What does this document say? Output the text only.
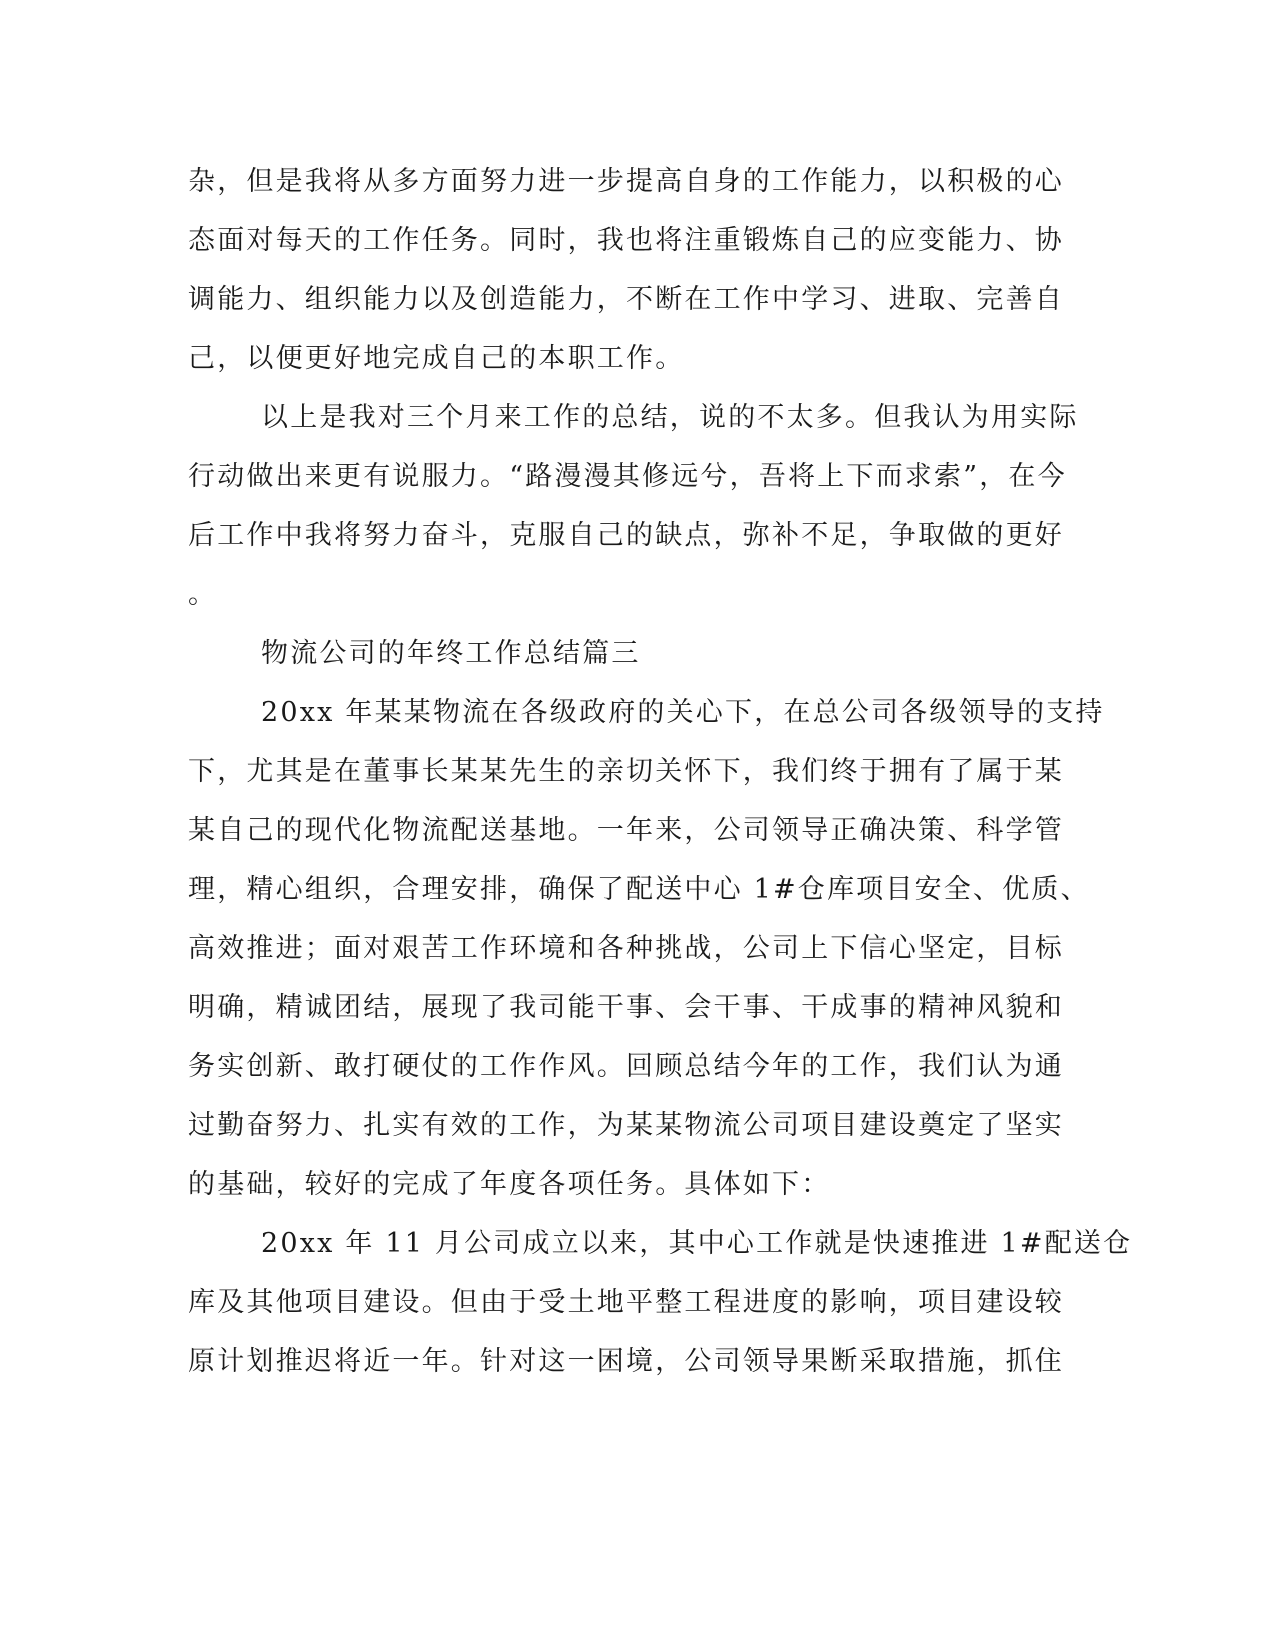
杂，但是我将从多方面努力进一步提高自身的工作能力，以积极的心
态面对每天的工作任务。同时，我也将注重锻炼自己的应变能力、协
调能力、组织能力以及创造能力，不断在工作中学习、进取、完善自
己，以便更好地完成自己的本职工作。
以上是我对三个月来工作的总结，说的不太多。但我认为用实际
行动做出来更有说服力。“路漫漫其修远兮，吾将上下而求索”，在今
后工作中我将努力奋斗，克服自己的缺点，弥补不足，争取做的更好
。
物流公司的年终工作总结篇三
20xx 年某某物流在各级政府的关心下，在总公司各级领导的支持
下，尤其是在董事长某某先生的亲切关怀下，我们终于拥有了属于某
某自己的现代化物流配送基地。一年来，公司领导正确决策、科学管
理，精心组织，合理安排，确保了配送中心 1#仓库项目安全、优质、
高效推进；面对艰苦工作环境和各种挑战，公司上下信心坚定，目标
明确，精诚团结，展现了我司能干事、会干事、干成事的精神风貌和
务实创新、敢打硬仗的工作作风。回顾总结今年的工作，我们认为通
过勤奋努力、扎实有效的工作，为某某物流公司项目建设奠定了坚实
的基础，较好的完成了年度各项任务。具体如下：
20xx 年 11 月公司成立以来，其中心工作就是快速推进 1#配送仓
库及其他项目建设。但由于受土地平整工程进度的影响，项目建设较
原计划推迟将近一年。针对这一困境，公司领导果断采取措施，抓住
